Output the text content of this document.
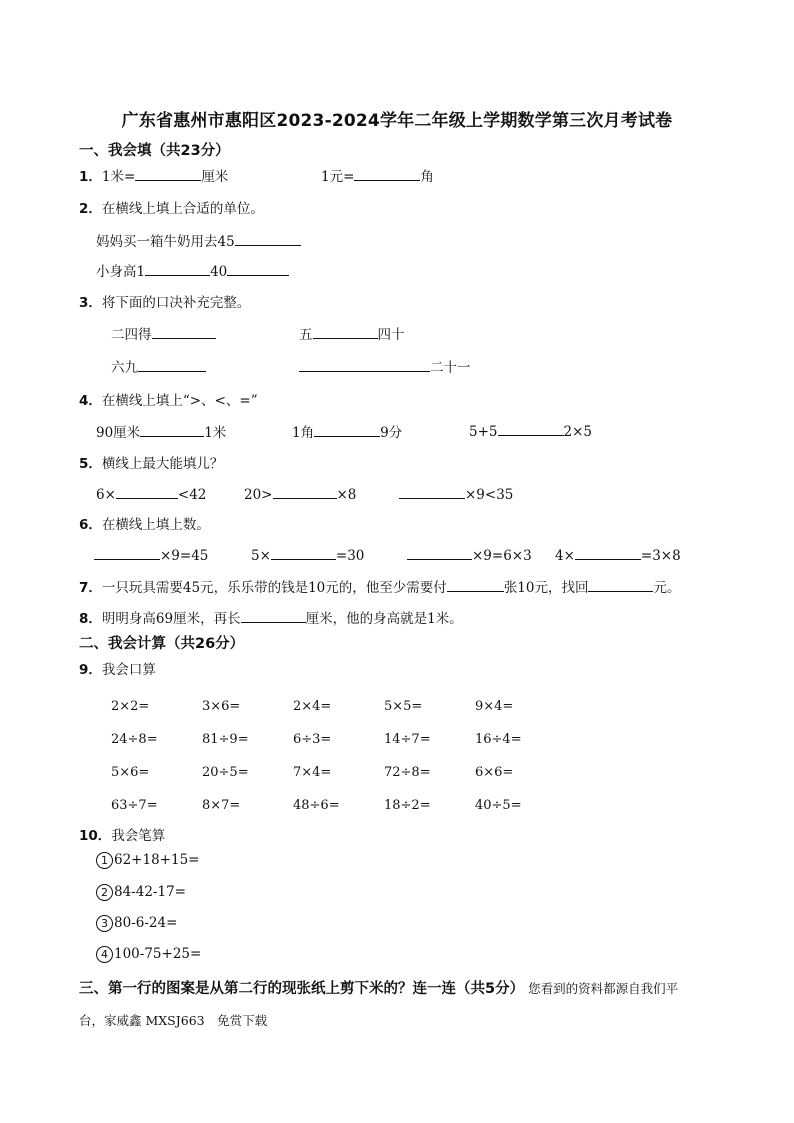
广东省惠州市惠阳区2023-2024学年二年级上学期数学第三次月考试卷
一、我会填（共23分）
1．1米=	厘米	1元=	角
2．在横线上填上合适的单位。
妈妈买一箱牛奶用去45
小身高1	40
3．将下面的口决补充完整。
二四得	五	四十
六九	二十一
4．在横线上填上“>、<、=”
90厘米	1米	1角	9分	5+5	2×5
5．横线上最大能填儿？
6×	<42	20>	×8	×9<35
6．在横线上填上数。
×9=45	5×	=30	×9=6×3 4×	=3×8
7．一只玩具需要45元，乐乐带的钱是10元的，他至少需要付	张10元，找回	元。
8．明明身高69厘米，再长	厘米，他的身高就是1米。
二、我会计算（共26分）
9．我会口算
2×2=	3×6=	2×4=	5×5=	9×4=
24÷8=	81÷9=	6÷3=	14÷7=	16÷4=
5×6=	20÷5=	7×4=	72÷8=	6×6=
63÷7=	8×7=	48÷6=	18÷2=	40÷5=
10．我会笔算
1 62+18+15=
2 84-42-17=
3 80-6-24=
4 100-75+25=
三、第一行的图案是从第二行的现张纸上剪下米的？连一连（共5分） 您看到的资料都源自我们平
台，家威鑫 MXSJ663　免赏下载
